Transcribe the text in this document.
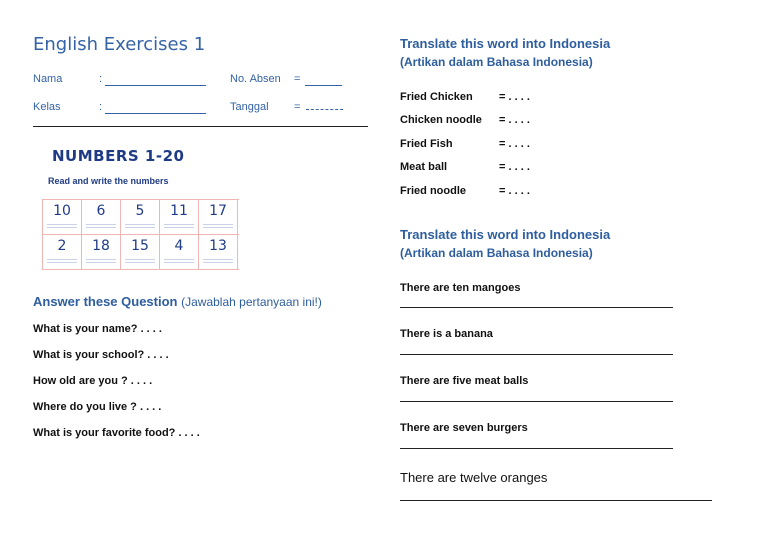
English Exercises 1
Nama	:
Kelas	:
No. Absen =
Tanggal =
NUMBERS 1-20
Read and write the numbers
10	6	5	11	17
2	18	15	4	13
Answer these Question (Jawablah pertanyaan ini!)
What is your name? . . . .
What is your school? . . . .
How old are you ? . . . .
Where do you live ? . . . .
What is your favorite food? . . . .
Translate this word into Indonesia
(Artikan dalam Bahasa Indonesia)
Fried Chicken = . . . .
Chicken noodle = . . . .
Fried Fish	= . . . .
Meat ball	= . . . .
Fried noodle	= . . . .
Translate this word into Indonesia
(Artikan dalam Bahasa Indonesia)
There are ten mangoes
There is a banana
There are five meat balls
There are seven burgers
There are twelve oranges
